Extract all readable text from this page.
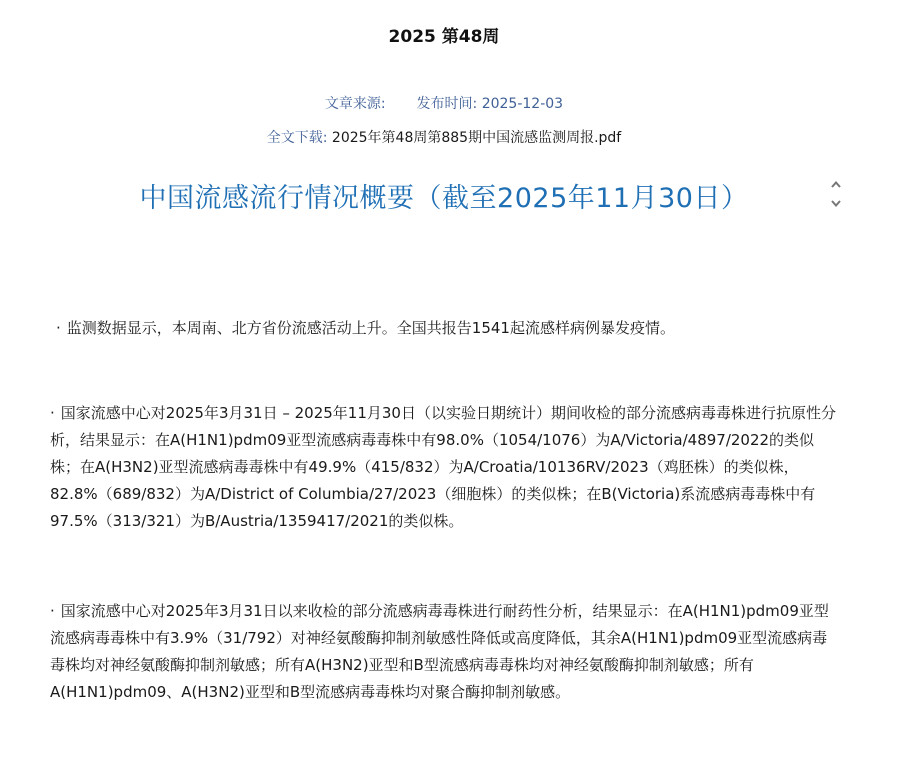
2025 第48周
文章来源: 发布时间: 2025-12-03
全文下载: 2025年第48周第885期中国流感监测周报.pdf
中国流感流行情况概要（截至2025年11月30日）
· 监测数据显示，本周南、北方省份流感活动上升。全国共报告1541起流感样病例暴发疫情。
· 国家流感中心对2025年3月31日 – 2025年11月30日（以实验日期统计）期间收检的部分流感病毒毒株进行抗原性分析，结果显示：在A(H1N1)pdm09亚型流感病毒毒株中有98.0%（1054/1076）为A/Victoria/4897/2022的类似株；在A(H3N2)亚型流感病毒毒株中有49.9%（415/832）为A/Croatia/10136RV/2023（鸡胚株）的类似株，82.8%（689/832）为A/District of Columbia/27/2023（细胞株）的类似株；在B(Victoria)系流感病毒毒株中有97.5%（313/321）为B/Austria/1359417/2021的类似株。
· 国家流感中心对2025年3月31日以来收检的部分流感病毒毒株进行耐药性分析，结果显示：在A(H1N1)pdm09亚型流感病毒毒株中有3.9%（31/792）对神经氨酸酶抑制剂敏感性降低或高度降低，其余A(H1N1)pdm09亚型流感病毒毒株均对神经氨酸酶抑制剂敏感；所有A(H3N2)亚型和B型流感病毒毒株均对神经氨酸酶抑制剂敏感；所有A(H1N1)pdm09、A(H3N2)亚型和B型流感病毒毒株均对聚合酶抑制剂敏感。
